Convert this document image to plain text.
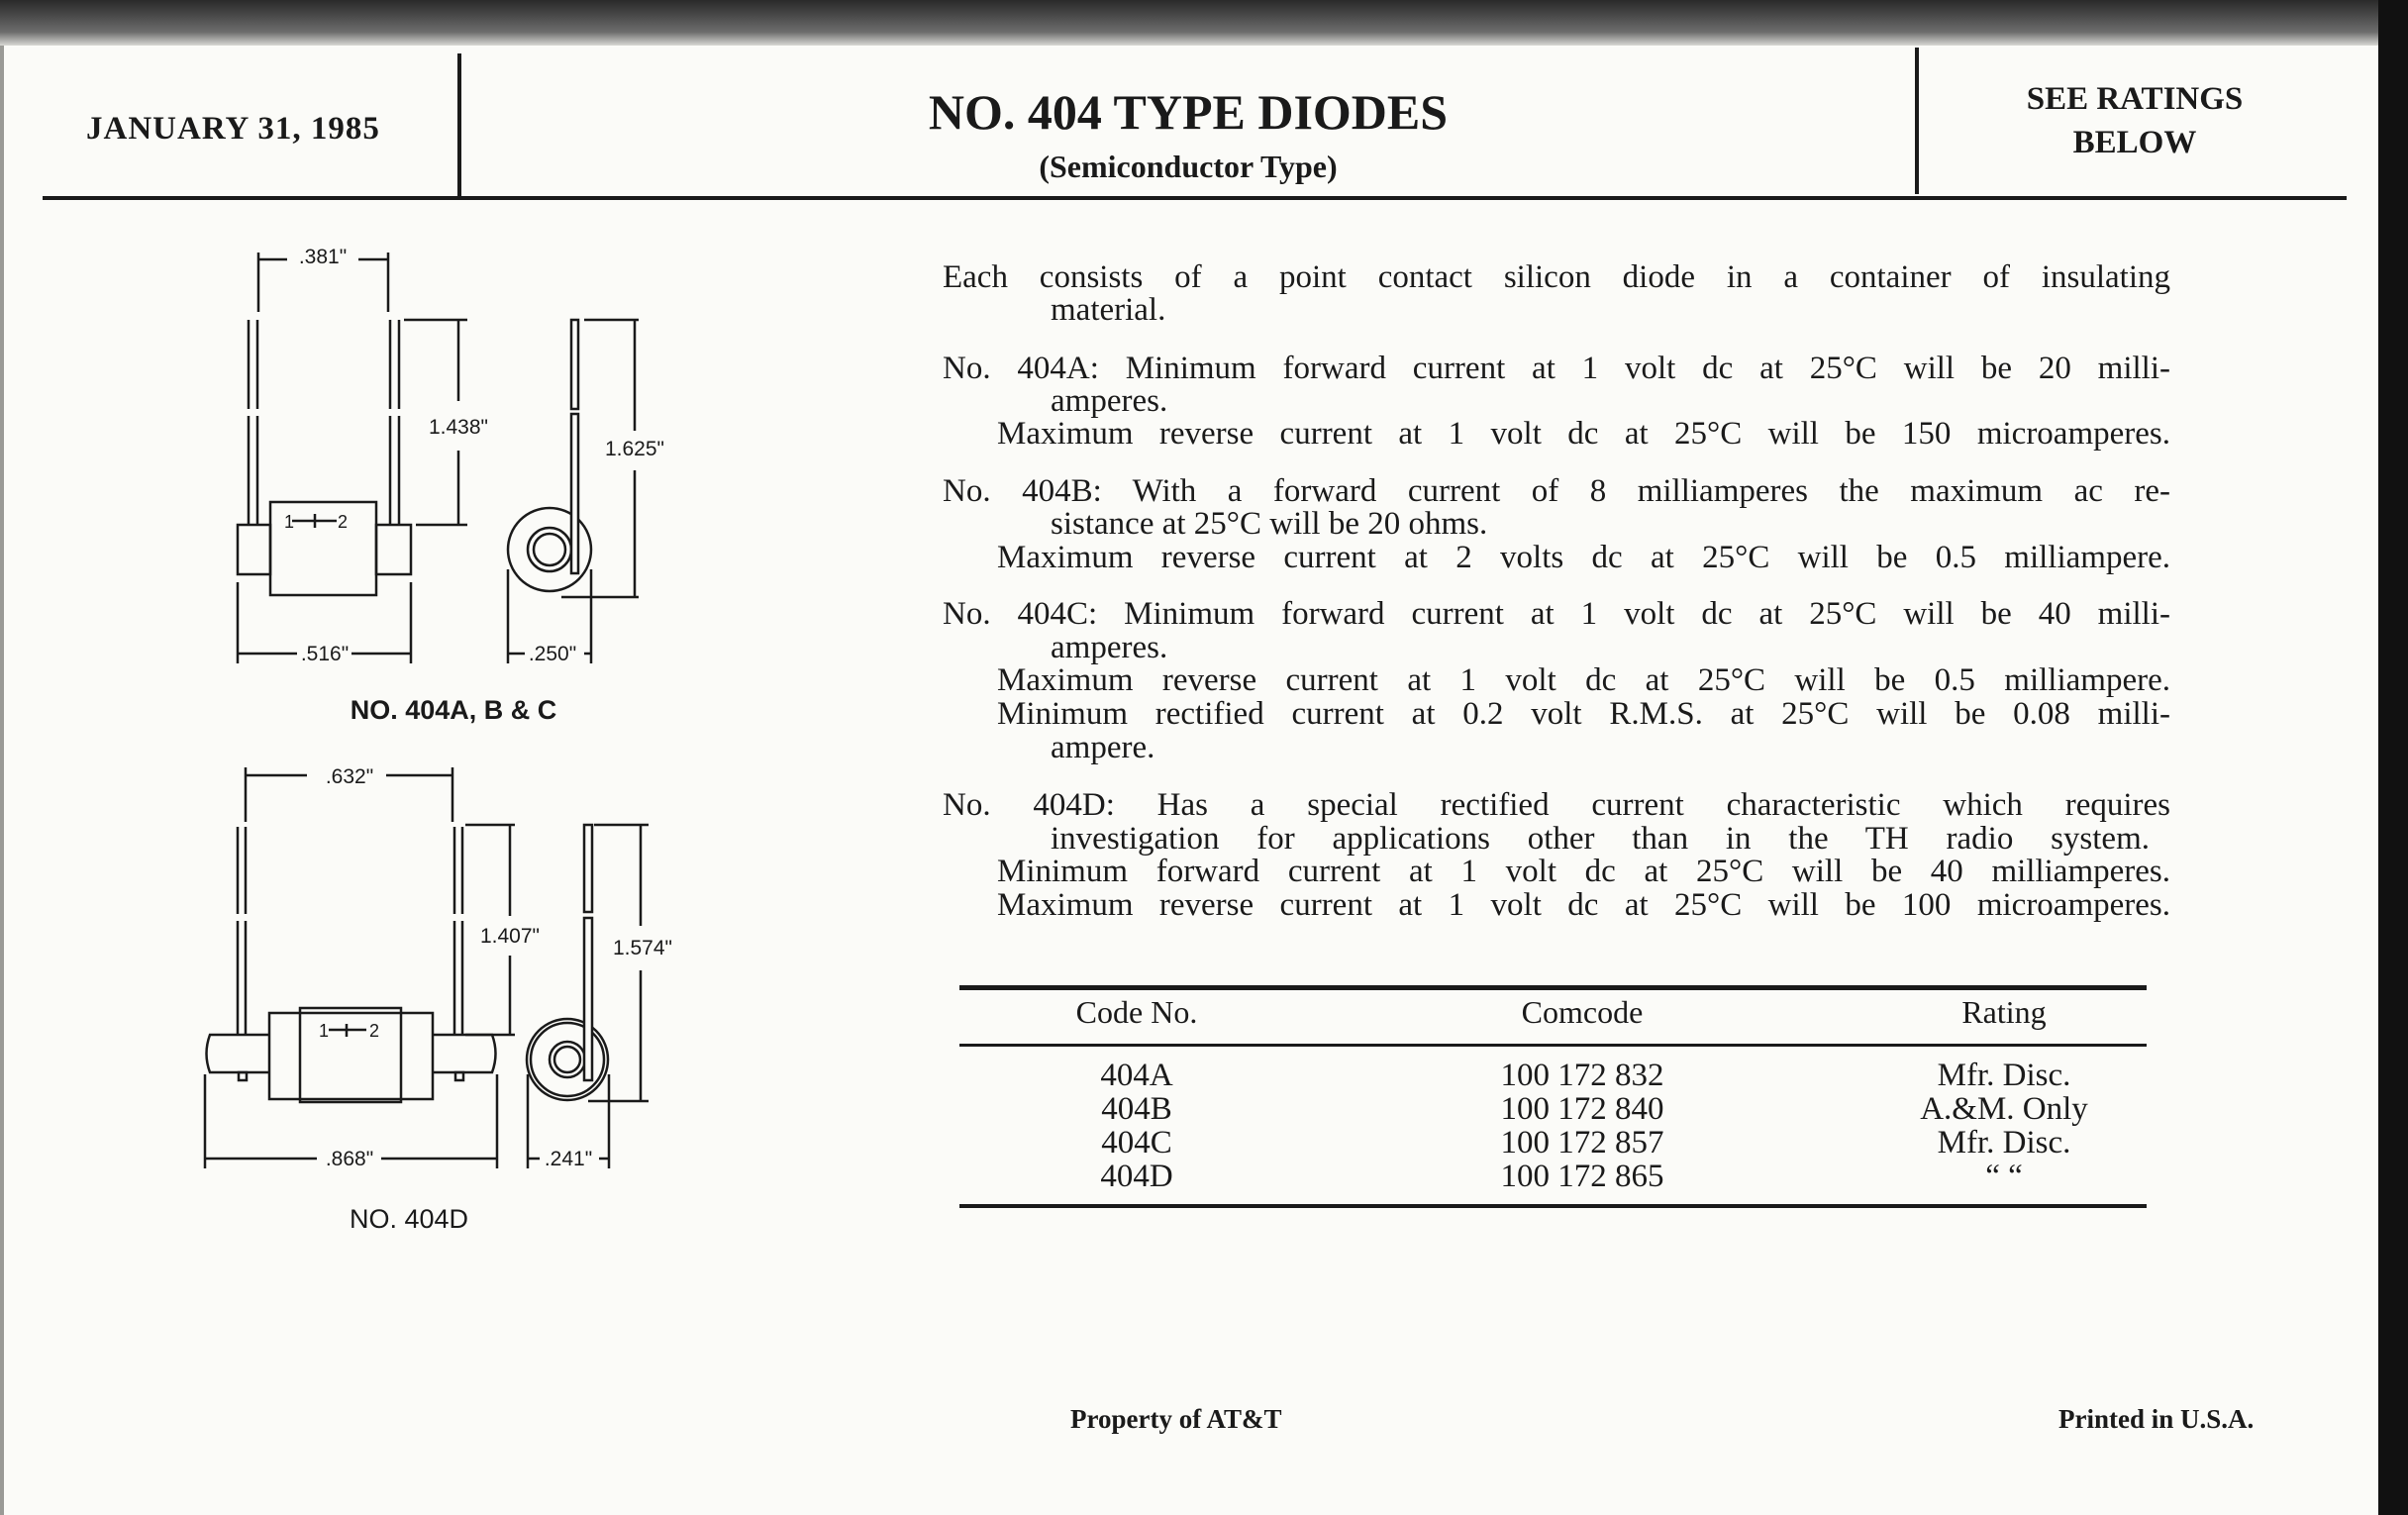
JANUARY 31, 1985	NO. 404 TYPE DIODES
(Semiconductor Type)
SEE RATINGS
BELOW
.381"
1.438"
1.625"
.516"	.250"
1 2
NO. 404A, B & C
.632"
1.407"
1.574"
.868"	.241"
1 2
NO. 404D
Each consists of a point contact silicon diode in a container of insulating
material.
No. 404A: Minimum forward current at 1 volt dc at 25°C will be 20 milli-
amperes.
Maximum reverse current at 1 volt dc at 25°C will be 150 microamperes.
No. 404B: With a forward current of 8 milliamperes the maximum ac re-
sistance at 25°C will be 20 ohms.
Maximum reverse current at 2 volts dc at 25°C will be 0.5 milliampere.
No. 404C: Minimum forward current at 1 volt dc at 25°C will be 40 milli-
amperes.
Maximum reverse current at 1 volt dc at 25°C will be 0.5 milliampere.
Minimum rectified current at 0.2 volt R.M.S. at 25°C will be 0.08 milli-
ampere.
No. 404D: Has a special rectified current characteristic which requires
investigation for applications other than in the TH radio system.
Minimum forward current at 1 volt dc at 25°C will be 40 milliamperes.
Maximum reverse current at 1 volt dc at 25°C will be 100 microamperes.
Code No.	Comcode	Rating
404A	100 172 832	Mfr. Disc.
404B	100 172 840	A.&M. Only
404C	100 172 857	Mfr. Disc.
404D	100 172 865	“ “
Property of AT&T	Printed in U.S.A.
